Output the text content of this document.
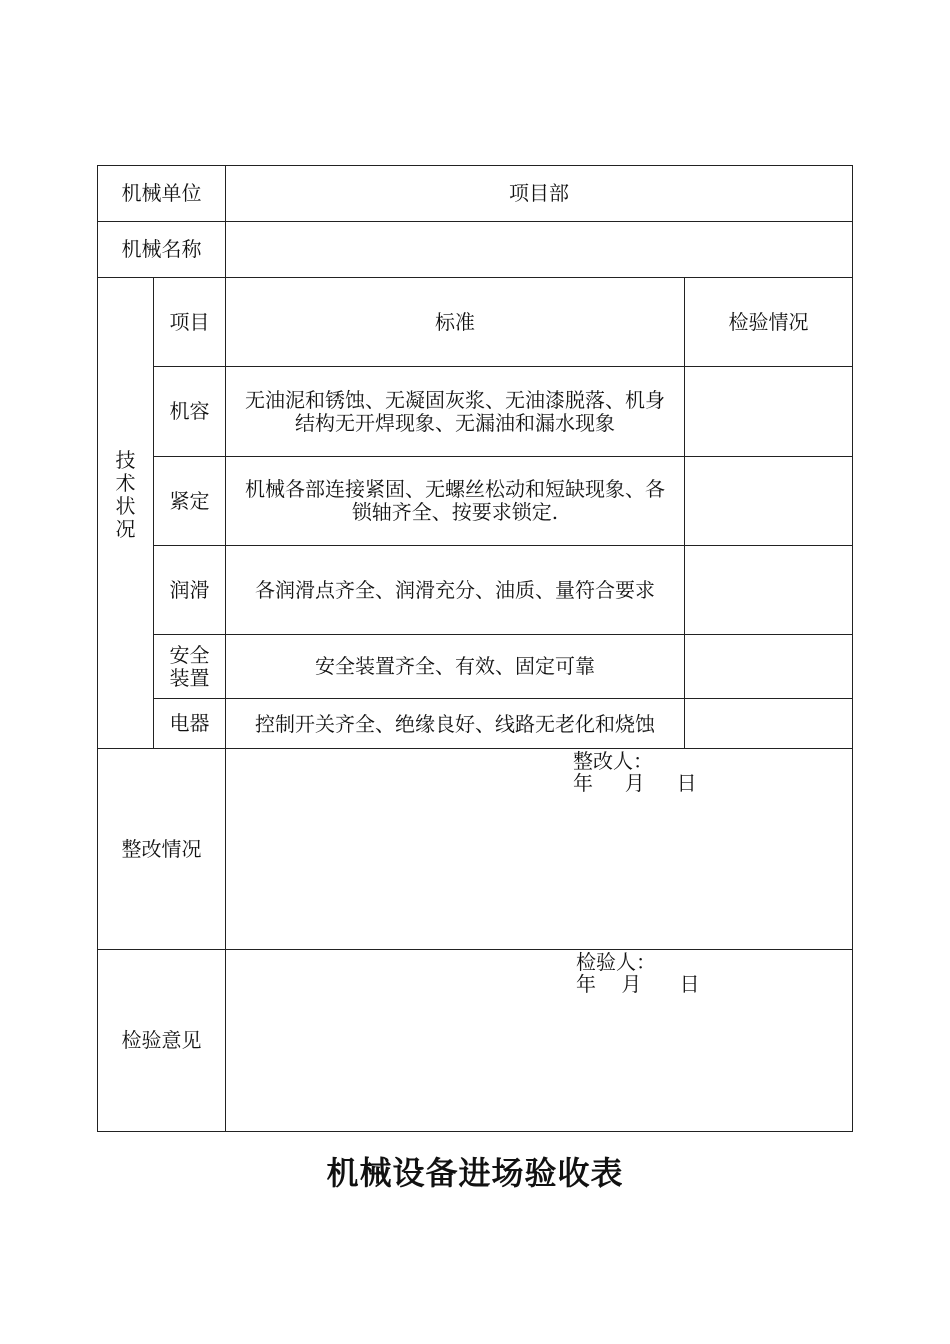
机械单位	项目部
机械名称
技
术
状
况
项目	标准	检验情况
机容	无油泥和锈蚀、无凝固灰浆、无油漆脱落、机身结构无开焊现象、无漏油和漏水现象
紧定	机械各部连接紧固、无螺丝松动和短缺现象、各锁轴齐全、按要求锁定.
润滑	各润滑点齐全、润滑充分、油质、量符合要求
安全
装置	安全装置齐全、有效、固定可靠
电器	控制开关齐全、绝缘良好、线路无老化和烧蚀
整改情况
整改人：
年     月     日
检验意见
检验人：
年    月      日
机械设备进场验收表
